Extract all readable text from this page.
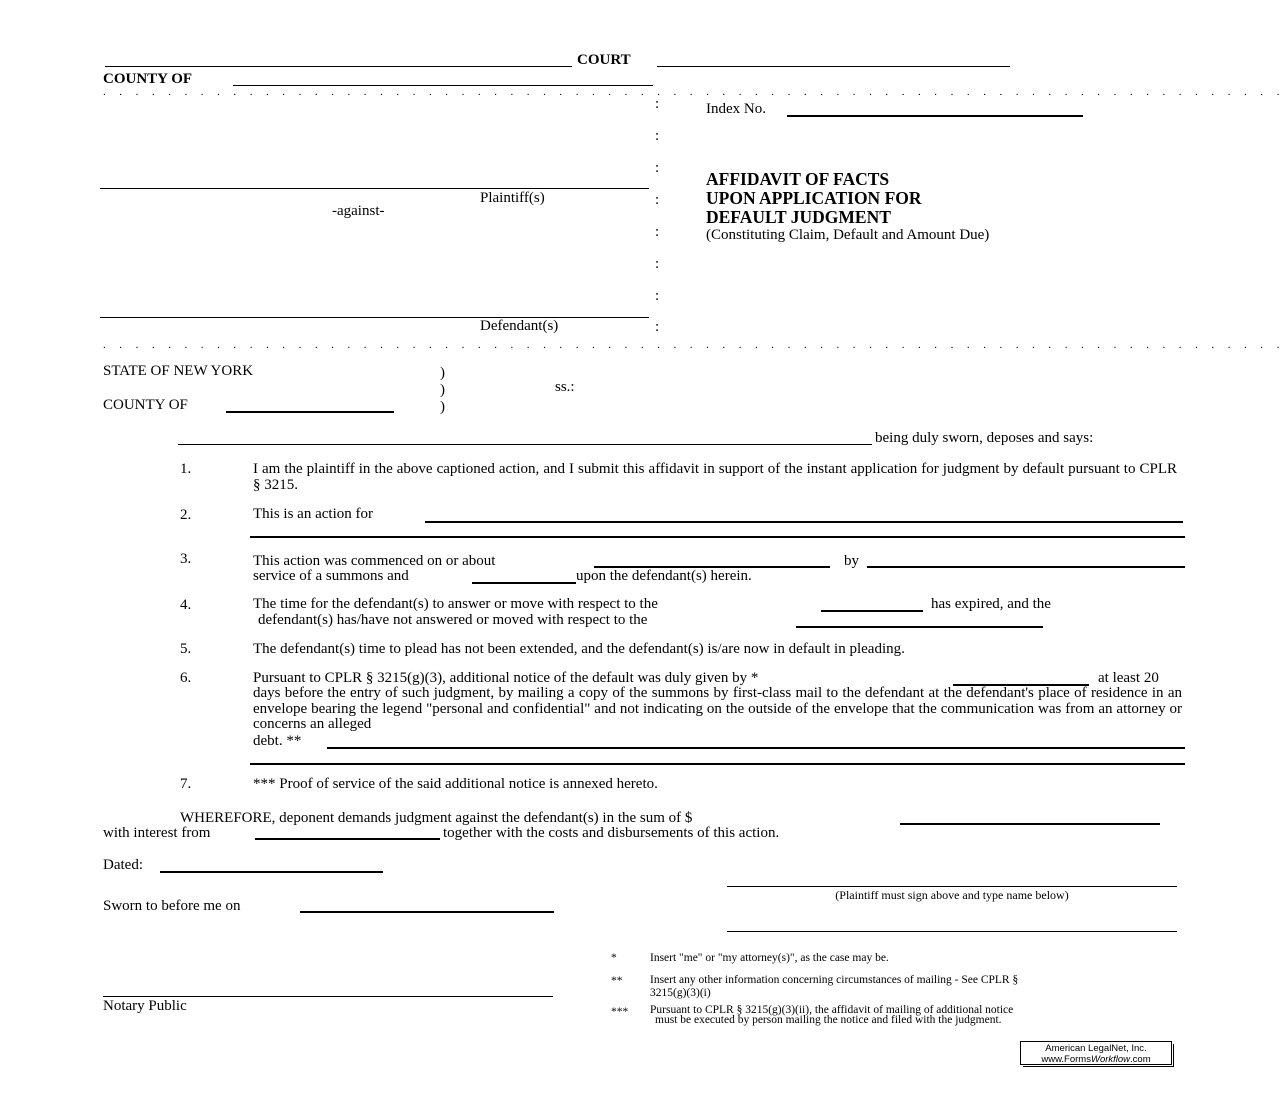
COURT
COUNTY OF
. . . . . . . . . . . . . . . . . . . . . . . . . . . . . . . . . . . . . . . . . . . . . . . . . . . . . . . . . . . . . . . . . . . . . . . . .
:
:
:
:
:
:
:
:
Plaintiff(s)
-against-
Defendant(s)
. . . . . . . . . . . . . . . . . . . . . . . . . . . . . . . . . . . . . . . . . . . . . . . . . . . . . . . . . . . . . . . . . . . . . . . . .
Index No.
AFFIDAVIT OF FACTS
UPON APPLICATION FOR
DEFAULT JUDGMENT
(Constituting Claim, Default and Amount Due)
STATE OF NEW YORK	)
)
)
ss.:
COUNTY OF
being duly sworn, deposes and says:
1.	I am the plaintiff in the above captioned action, and I submit this affidavit in support of the instant application for judgment by default pursuant to CPLR § 3215.
2.	This is an action for
3.	This action was commenced on or about	by
service of a summons and	upon the defendant(s) herein.
4.	The time for the defendant(s) to answer or move with respect to the	has expired, and the
defendant(s) has/have not answered or moved with respect to the
5.	The defendant(s) time to plead has not been extended, and the defendant(s) is/are now in default in pleading.
6.	Pursuant to CPLR § 3215(g)(3), additional notice of the default was duly given by *	at least 20
days before the entry of such judgment, by mailing a copy of the summons by first-class mail to the defendant at the defendant's place of residence in an envelope bearing the legend "personal and confidential" and not indicating on the outside of the envelope that the communication was from an attorney or concerns an alleged
debt. **
7.	*** Proof of service of the said additional notice is annexed hereto.
WHEREFORE, deponent demands judgment against the defendant(s) in the sum of $
with interest from	together with the costs and disbursements of this action.
Dated:
(Plaintiff must sign above and type name below)
Sworn to before me on
Notary Public
*	Insert "me" or "my attorney(s)", as the case may be.
** Insert any other information concerning circumstances of mailing - See CPLR §
3215(g)(3)(i)
*** Pursuant to CPLR § 3215(g)(3)(ii), the affidavit of mailing of additional notice
must be executed by person mailing the notice and filed with the judgment.
American LegalNet, Inc.
www.FormsWorkflow.com
